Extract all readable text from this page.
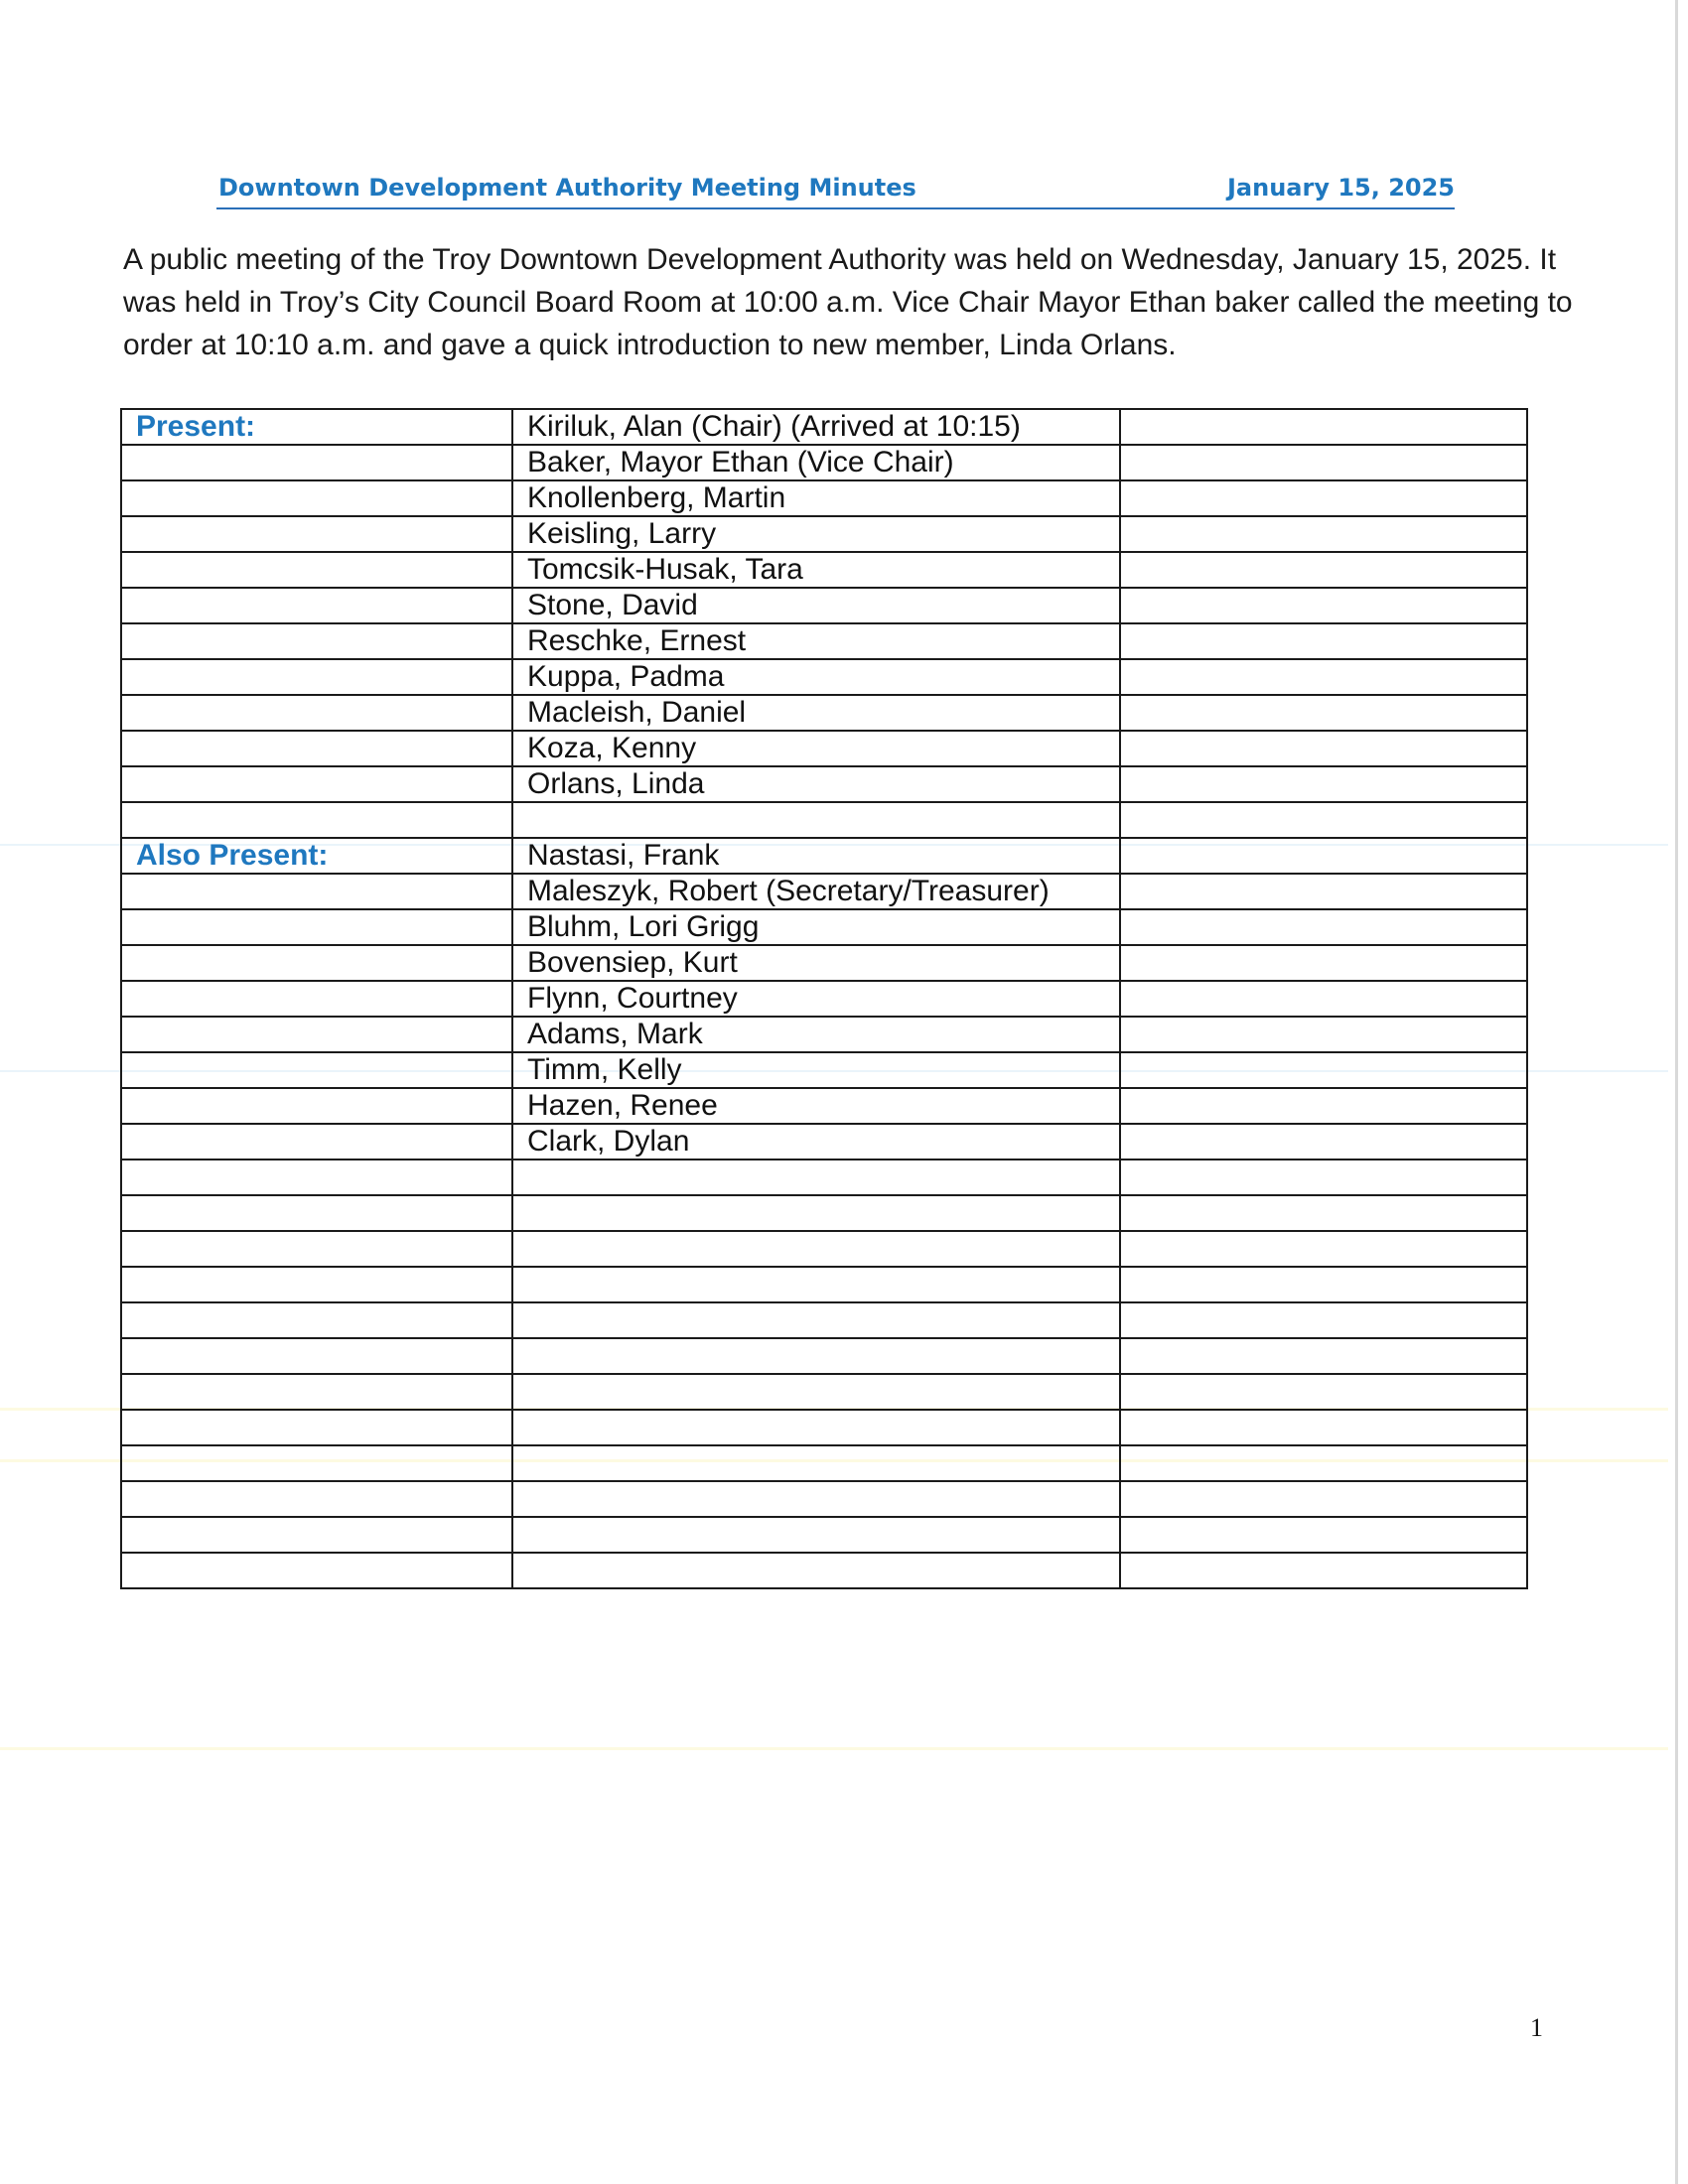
Downtown Development Authority Meeting Minutes	January 15, 2025

A public meeting of the Troy Downtown Development Authority was held on Wednesday, January 15, 2025. It was held in Troy’s City Council Board Room at 10:00 a.m. Vice Chair Mayor Ethan baker called the meeting to order at 10:10 a.m. and gave a quick introduction to new member, Linda Orlans.

Present:	Kiriluk, Alan (Chair) (Arrived at 10:15)	
	Baker, Mayor Ethan (Vice Chair)	
	Knollenberg, Martin	
	Keisling, Larry	
	Tomcsik-Husak, Tara	
	Stone, David	
	Reschke, Ernest	
	Kuppa, Padma	
	Macleish, Daniel	
	Koza, Kenny	
	Orlans, Linda	

Also Present:	Nastasi, Frank	
	Maleszyk, Robert (Secretary/Treasurer)	
	Bluhm, Lori Grigg	
	Bovensiep, Kurt	
	Flynn, Courtney	
	Adams, Mark	
	Timm, Kelly	
	Hazen, Renee	
	Clark, Dylan	

1
